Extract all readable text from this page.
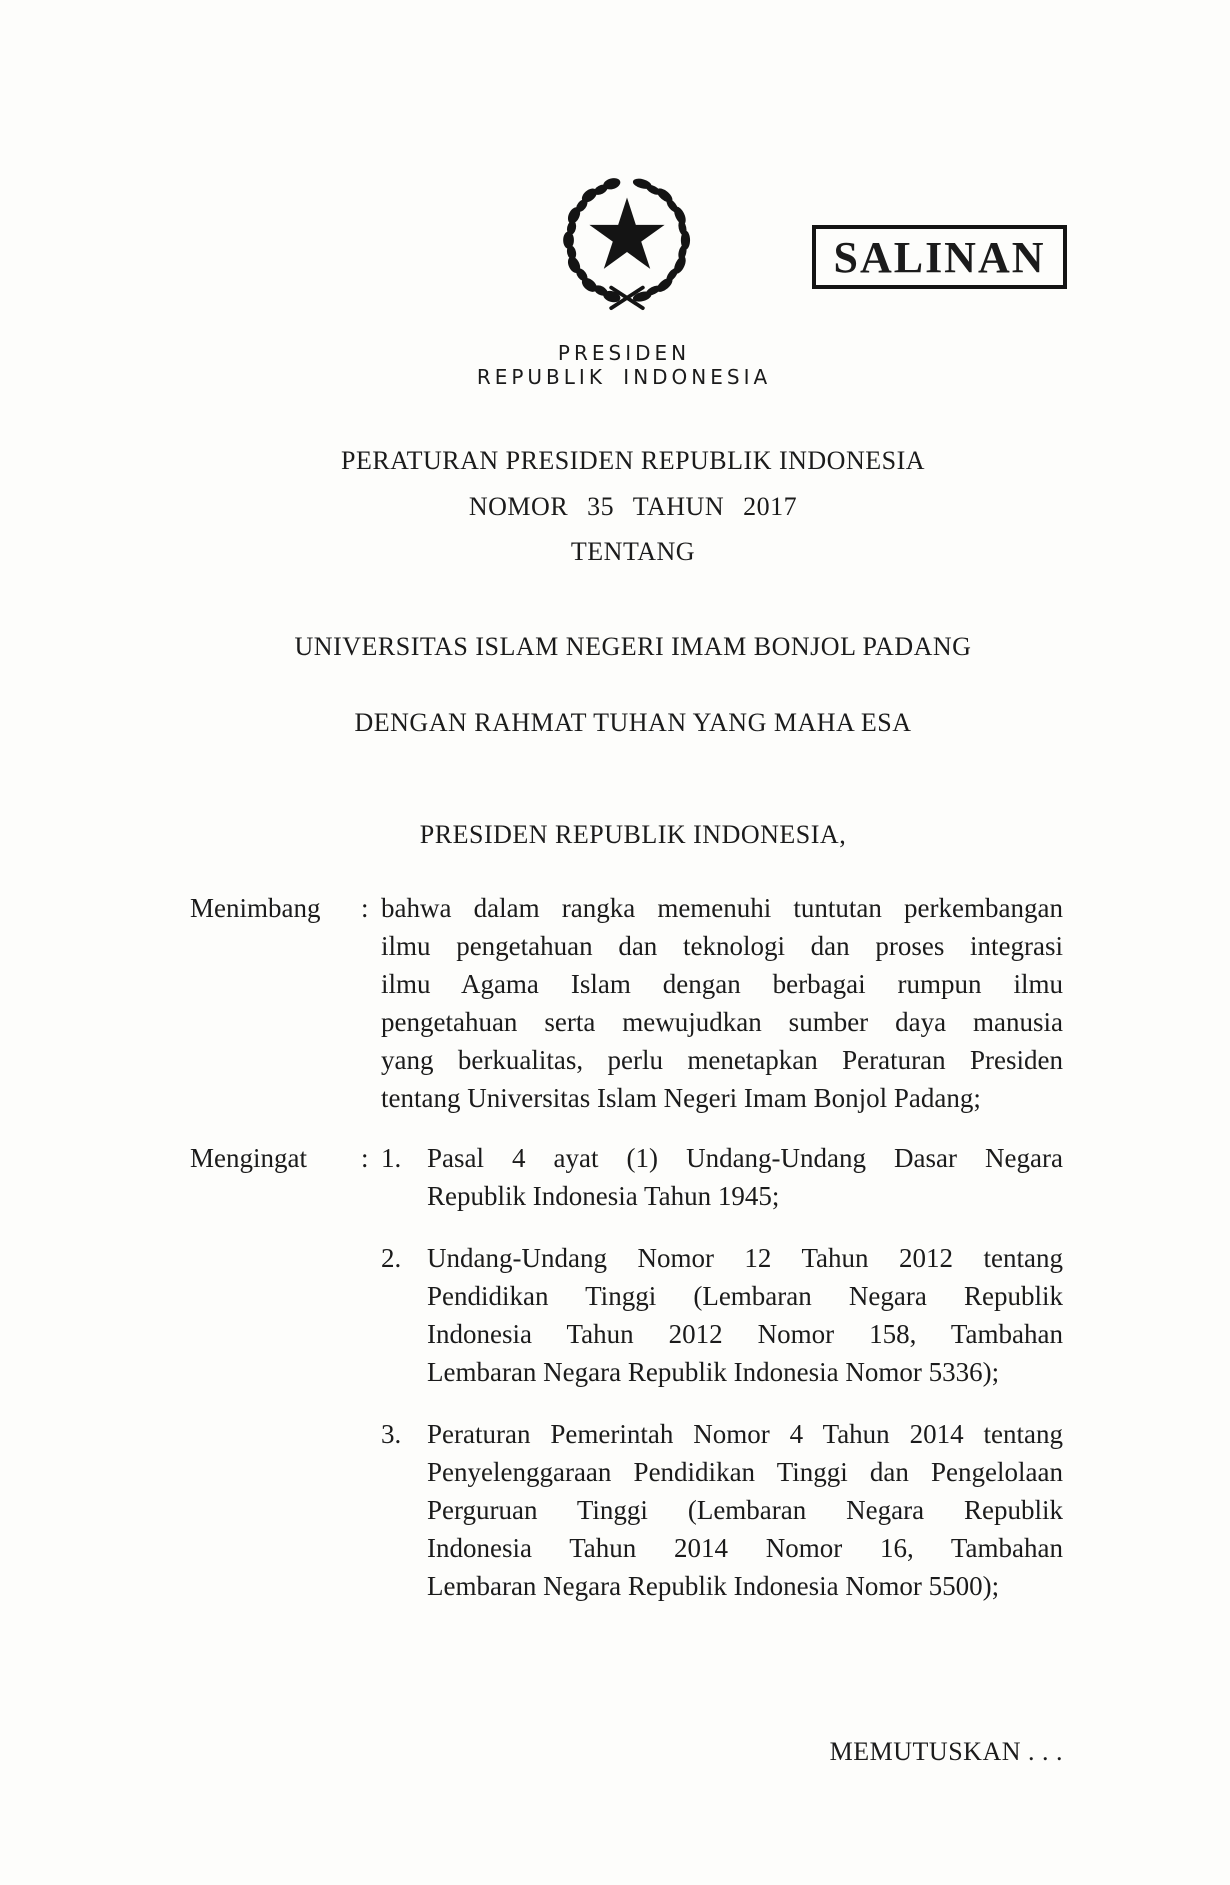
SALINAN
PRESIDEN
REPUBLIK INDONESIA
PERATURAN PRESIDEN REPUBLIK INDONESIA
NOMOR 35 TAHUN 2017
TENTANG
UNIVERSITAS ISLAM NEGERI IMAM BONJOL PADANG
DENGAN RAHMAT TUHAN YANG MAHA ESA
PRESIDEN REPUBLIK INDONESIA,
Menimbang	: bahwa dalam rangka memenuhi tuntutan perkembangan
ilmu pengetahuan dan teknologi dan proses integrasi
ilmu Agama Islam dengan berbagai rumpun ilmu
pengetahuan serta mewujudkan sumber daya manusia
yang berkualitas, perlu menetapkan Peraturan Presiden
tentang Universitas Islam Negeri Imam Bonjol Padang;
Mengingat	: 1. Pasal 4 ayat (1) Undang-Undang Dasar Negara
Republik Indonesia Tahun 1945;
2. Undang-Undang Nomor 12 Tahun 2012 tentang
Pendidikan Tinggi (Lembaran Negara Republik
Indonesia Tahun 2012 Nomor 158, Tambahan
Lembaran Negara Republik Indonesia Nomor 5336);
3. Peraturan Pemerintah Nomor 4 Tahun 2014 tentang
Penyelenggaraan Pendidikan Tinggi dan Pengelolaan
Perguruan Tinggi (Lembaran Negara Republik
Indonesia Tahun 2014 Nomor 16, Tambahan
Lembaran Negara Republik Indonesia Nomor 5500);
MEMUTUSKAN . . .
